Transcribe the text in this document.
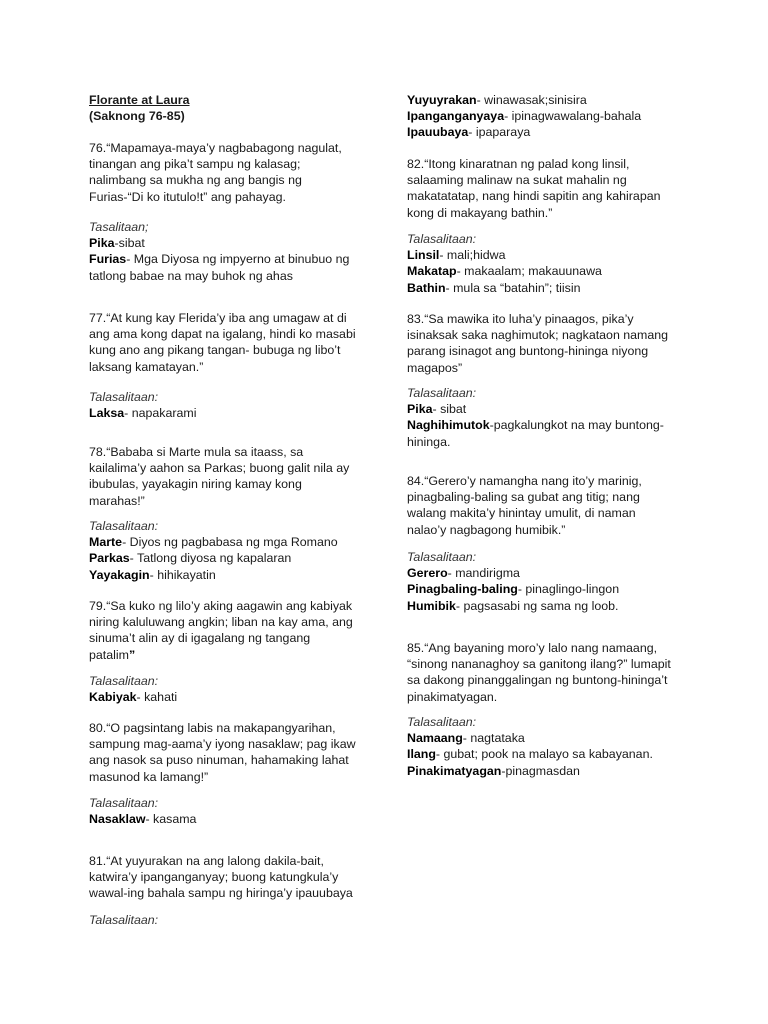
Florante at Laura
(Saknong 76-85)
76.“Mapamaya-maya’y nagbabagong nagulat,
tinangan ang pika’t sampu ng kalasag;
nalimbang sa mukha ng ang bangis ng
Furias-“Di ko itutulo!t” ang pahayag.
Tasalitaan;
Pika-sibat
Furias- Mga Diyosa ng impyerno at binubuo ng
tatlong babae na may buhok ng ahas
77.“At kung kay Flerida’y iba ang umagaw at di
ang ama kong dapat na igalang, hindi ko masabi
kung ano ang pikang tangan- bubuga ng libo’t
laksang kamatayan.”
Talasalitaan:
Laksa- napakarami
78.“Bababa si Marte mula sa itaass, sa
kailalima’y aahon sa Parkas; buong galit nila ay
ibubulas, yayakagin niring kamay kong
marahas!”
Talasalitaan:
Marte- Diyos ng pagbabasa ng mga Romano
Parkas- Tatlong diyosa ng kapalaran
Yayakagin- hihikayatin
79.“Sa kuko ng lilo’y aking aagawin ang kabiyak
niring kaluluwang angkin; liban na kay ama, ang
sinuma’t alin ay di igagalang ng tangang
patalim”
Talasalitaan:
Kabiyak- kahati
80.“O pagsintang labis na makapangyarihan,
sampung mag-aama’y iyong nasaklaw; pag ikaw
ang nasok sa puso ninuman, hahamaking lahat
masunod ka lamang!”
Talasalitaan:
Nasaklaw- kasama
81.“At yuyurakan na ang lalong dakila-bait,
katwira’y ipanganganyay; buong katungkula’y
wawal-ing bahala sampu ng hiringa’y ipauubaya
Talasalitaan:
Yuyuyrakan- winawasak;sinisira
Ipanganganyaya- ipinagwawalang-bahala
Ipauubaya- ipaparaya
82.“Itong kinaratnan ng palad kong linsil,
salaaming malinaw na sukat mahalin ng
makatatatap, nang hindi sapitin ang kahirapan
kong di makayang bathin.”
Talasalitaan:
Linsil- mali;hidwa
Makatap- makaalam; makauunawa
Bathin- mula sa “batahin”; tiisin
83.“Sa mawika ito luha’y pinaagos, pika’y
isinaksak saka naghimutok; nagkataon namang
parang isinagot ang buntong-hininga niyong
magapos”
Talasalitaan:
Pika- sibat
Naghihimutok-pagkalungkot na may buntong-
hininga.
84.“Gerero’y namangha nang ito’y marinig,
pinagbaling-baling sa gubat ang titig; nang
walang makita’y hinintay umulit, di naman
nalao’y nagbagong humibik.”
Talasalitaan:
Gerero- mandirigma
Pinagbaling-baling- pinaglingo-lingon
Humibik- pagsasabi ng sama ng loob.
85.“Ang bayaning moro’y lalo nang namaang,
“sinong nananaghoy sa ganitong ilang?” lumapit
sa dakong pinanggalingan ng buntong-hininga’t
pinakimatyagan.
Talasalitaan:
Namaang- nagtataka
Ilang- gubat; pook na malayo sa kabayanan.
Pinakimatyagan-pinagmasdan
